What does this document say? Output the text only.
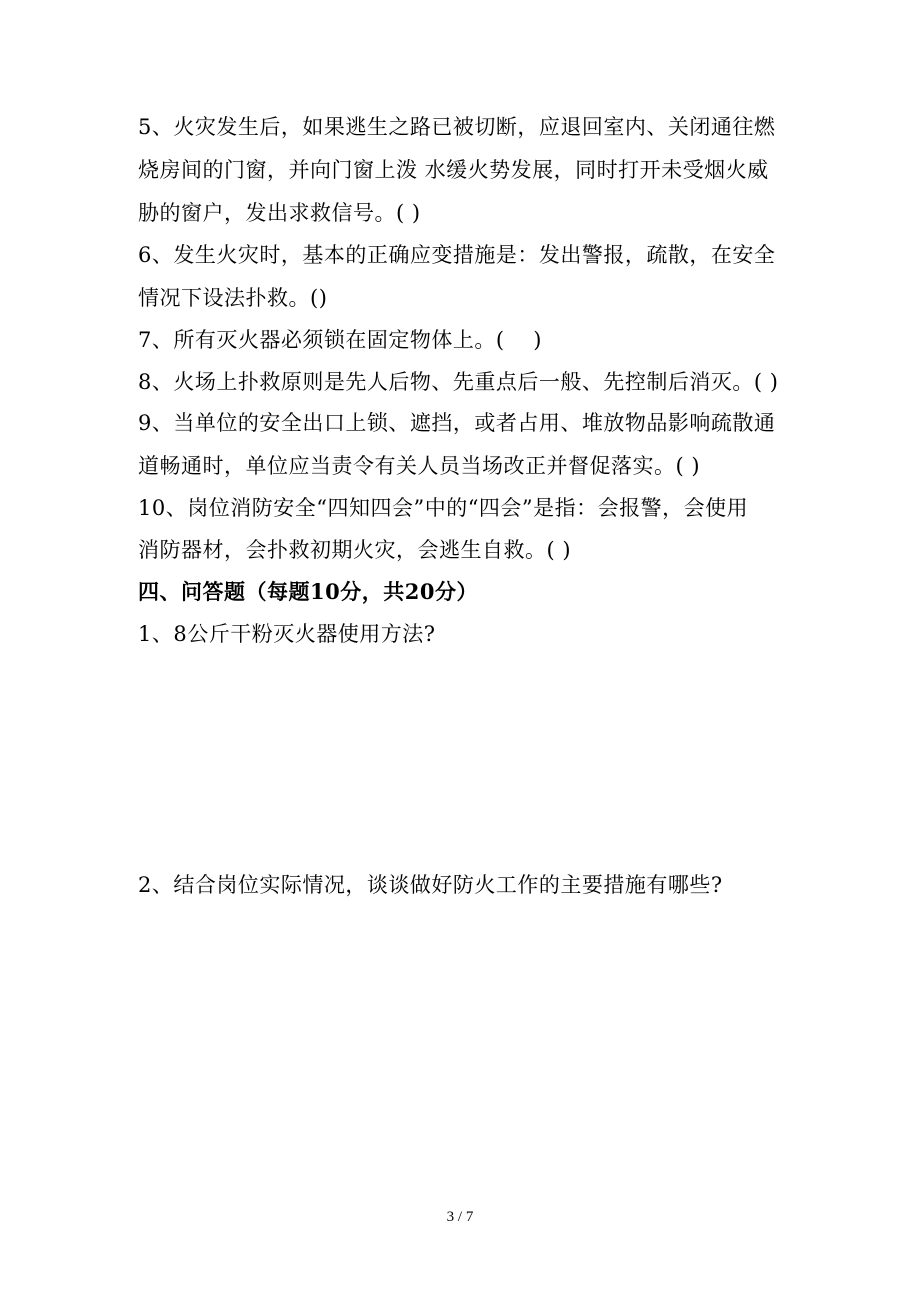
5、火灾发生后，如果逃生之路已被切断，应退回室内、关闭通往燃
烧房间的门窗，并向门窗上泼 水缓火势发展，同时打开未受烟火威
胁的窗户，发出求救信号。( )
6、发生火灾时，基本的正确应变措施是：发出警报，疏散，在安全
情况下设法扑救。()
7、所有灭火器必须锁在固定物体上。(　 )
8、火场上扑救原则是先人后物、先重点后一般、先控制后消灭。( )
9、当单位的安全出口上锁、遮挡，或者占用、堆放物品影响疏散通
道畅通时，单位应当责令有关人员当场改正并督促落实。( )
10、岗位消防安全“四知四会”中的“四会”是指：会报警，会使用
消防器材，会扑救初期火灾，会逃生自救。( )
四、问答题（每题10分，共20分）
1、8公斤干粉灭火器使用方法?
2、结合岗位实际情况，谈谈做好防火工作的主要措施有哪些?
3 / 7
